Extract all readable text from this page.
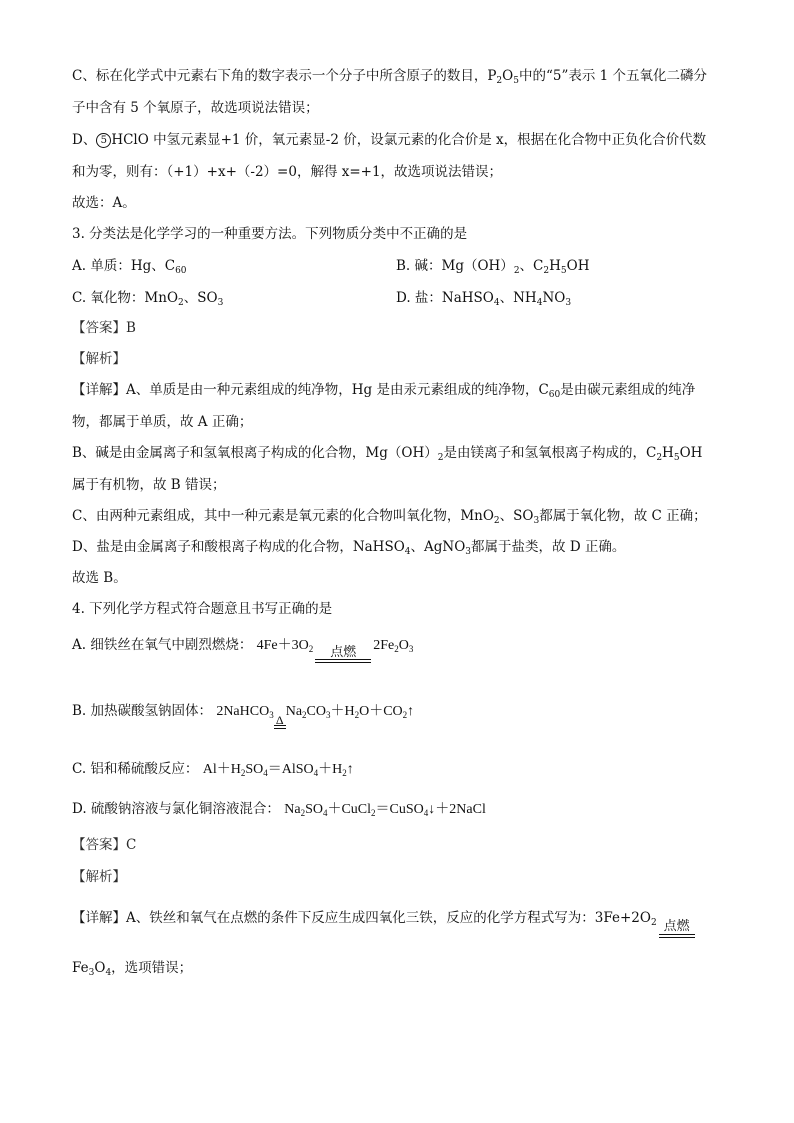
C、标在化学式中元素右下角的数字表示一个分子中所含原子的数目，$P_2O_5$中的“5”表示 1 个五氧化二磷分
子中含有 5 个氧原子，故选项说法错误；
D、 5 HClO 中氢元素显+1 价，氧元素显-2 价，设氯元素的化合价是 x，根据在化合物中正负化合价代数
和为零，则有：（+1）+x+（-2）=0，解得 x=+1，故选项说法错误；
故选：A。
3. 分类法是化学学习的一种重要方法。下列物质分类中不正确的是
A. 单质：Hg、$C_{60}$	B. 碱：$Mg(OH)_2$、$C_2H_5OH$
C. 氧化物：MnO$_2$、$SO_3$	D. 盐：NaHSO$_4$、$NH_4NO_3$
【答案】B
【解析】
【详解】A、单质是由一种元素组成的纯净物，Hg 是由汞元素组成的纯净物，$C_{60}$是由碳元素组成的纯净
物，都属于单质，故 A 正确；
B、碱是由金属离子和氢氧根离子构成的化合物，$Mg(OH)_2$是由镁离子和氢氧根离子构成的，$C_2H_5OH$
属于有机物，故 B 错误；
C、由两种元素组成，其中一种元素是氧元素的化合物叫氧化物，MnO$_2$、$SO_3$都属于氧化物，故 C 正确；
D、盐是由金属离子和酸根离子构成的化合物，NaHSO$_4$、AgNO$_3$都属于盐类，故 D 正确。
故选 B。
4. 下列化学方程式符合题意且书写正确的是
A. 细铁丝在氧气中剧烈燃烧： $4Fe+3O_2$	点燃	$2Fe_2O_3$
B. 加热碳酸氢钠固体： 2NaHCO$_3$ Δ
$Na_2CO_3+H_2O+CO_2↑$
C. 铝和稀硫酸反应： $Al+H_2SO_4=AlSO_4+H_2↑$
D. 硫酸钠溶液与氯化铜溶液混合： $Na_2SO_4+CuCl_2=CuSO_4↓+2NaCl$
【答案】C
【解析】
【详解】A、铁丝和氧气在点燃的条件下反应生成四氧化三铁，反应的化学方程式写为：$3Fe+2O_2$ 点燃
$Fe_3O_4$，选项错误；
